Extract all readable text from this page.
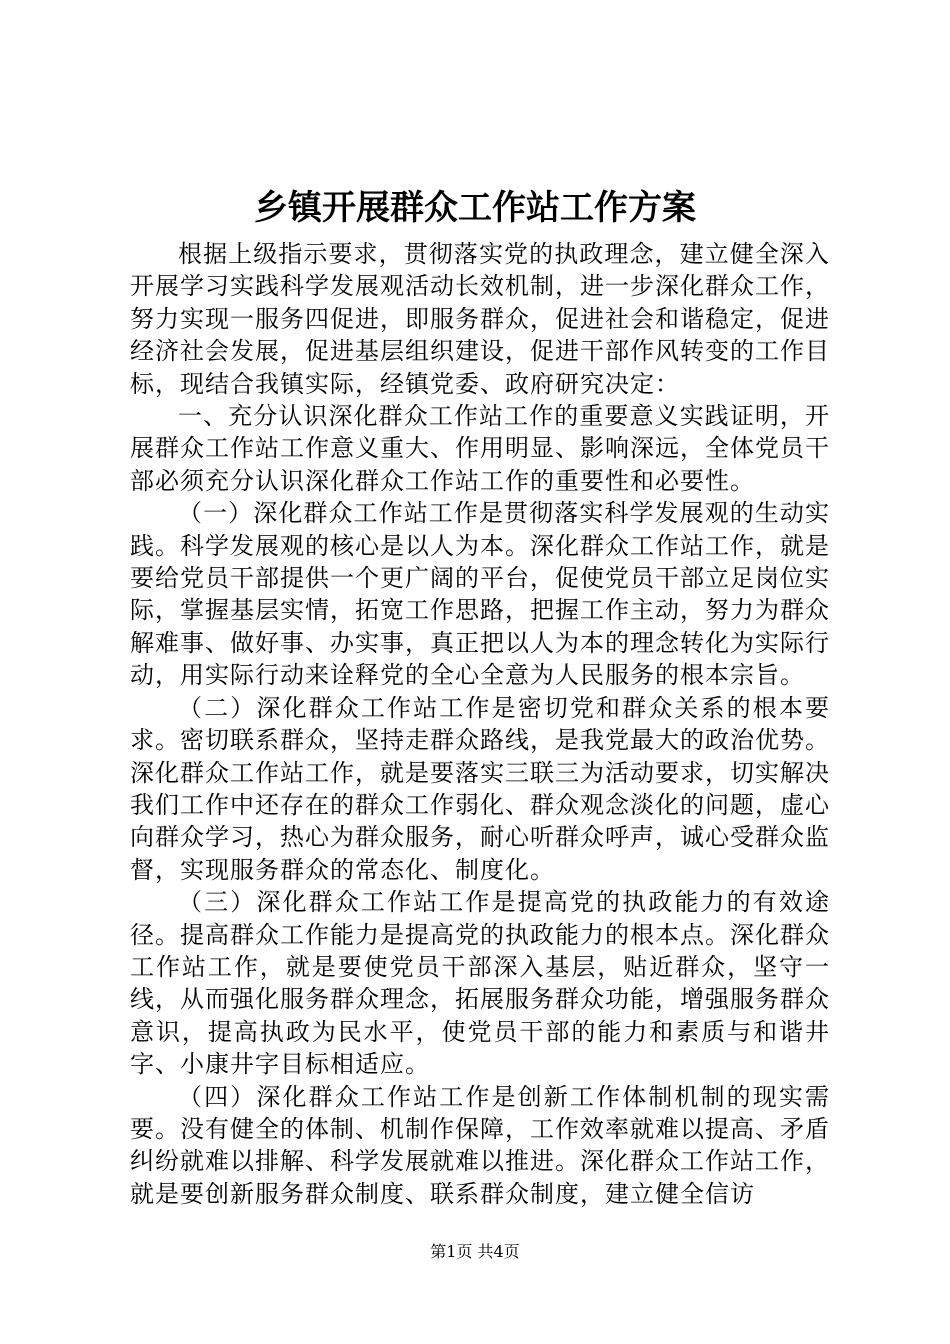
乡镇开展群众工作站工作方案

根据上级指示要求，贯彻落实党的执政理念，建立健全深入开展学习实践科学发展观活动长效机制，进一步深化群众工作，努力实现一服务四促进，即服务群众，促进社会和谐稳定，促进经济社会发展，促进基层组织建设，促进干部作风转变的工作目标，现结合我镇实际，经镇党委、政府研究决定：

一、充分认识深化群众工作站工作的重要意义实践证明，开展群众工作站工作意义重大、作用明显、影响深远，全体党员干部必须充分认识深化群众工作站工作的重要性和必要性。

（一）深化群众工作站工作是贯彻落实科学发展观的生动实践。科学发展观的核心是以人为本。深化群众工作站工作，就是要给党员干部提供一个更广阔的平台，促使党员干部立足岗位实际，掌握基层实情，拓宽工作思路，把握工作主动，努力为群众解难事、做好事、办实事，真正把以人为本的理念转化为实际行动，用实际行动来诠释党的全心全意为人民服务的根本宗旨。

（二）深化群众工作站工作是密切党和群众关系的根本要求。密切联系群众，坚持走群众路线，是我党最大的政治优势。深化群众工作站工作，就是要落实三联三为活动要求，切实解决我们工作中还存在的群众工作弱化、群众观念淡化的问题，虚心向群众学习，热心为群众服务，耐心听群众呼声，诚心受群众监督，实现服务群众的常态化、制度化。

（三）深化群众工作站工作是提高党的执政能力的有效途径。提高群众工作能力是提高党的执政能力的根本点。深化群众工作站工作，就是要使党员干部深入基层，贴近群众，坚守一线，从而强化服务群众理念，拓展服务群众功能，增强服务群众意识，提高执政为民水平，使党员干部的能力和素质与和谐井字、小康井字目标相适应。

（四）深化群众工作站工作是创新工作体制机制的现实需要。没有健全的体制、机制作保障，工作效率就难以提高、矛盾纠纷就难以排解、科学发展就难以推进。深化群众工作站工作，就是要创新服务群众制度、联系群众制度，建立健全信访

第1页 共4页
